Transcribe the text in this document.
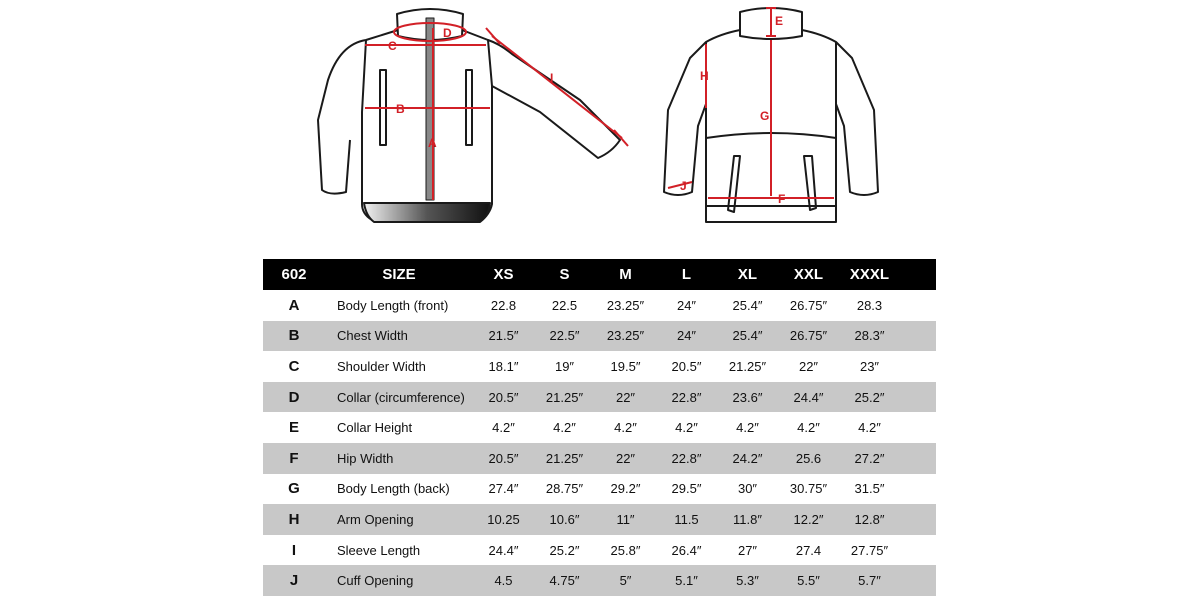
A
B
C
D
I
E
G
H
F
J
602	SIZE	XS	S	M	L	XL	XXL	XXXL	
A	Body Length (front)	22.8	22.5	23.25″	24″	25.4″	26.75″	28.3	
B	Chest Width	21.5″	22.5″	23.25″	24″	25.4″	26.75″	28.3″	
C	Shoulder Width	18.1″	19″	19.5″	20.5″	21.25″	22″	23″	
D	Collar (circumference)	20.5″	21.25″	22″	22.8″	23.6″	24.4″	25.2″	
E	Collar Height	4.2″	4.2″	4.2″	4.2″	4.2″	4.2″	4.2″	
F	Hip Width	20.5″	21.25″	22″	22.8″	24.2″	25.6	27.2″	
G	Body Length (back)	27.4″	28.75″	29.2″	29.5″	30″	30.75″	31.5″	
H	Arm Opening	10.25	10.6″	11″	11.5	11.8″	12.2″	12.8″	
I	Sleeve Length	24.4″	25.2″	25.8″	26.4″	27″	27.4	27.75″	
J	Cuff Opening	4.5	4.75″	5″	5.1″	5.3″	5.5″	5.7″	
